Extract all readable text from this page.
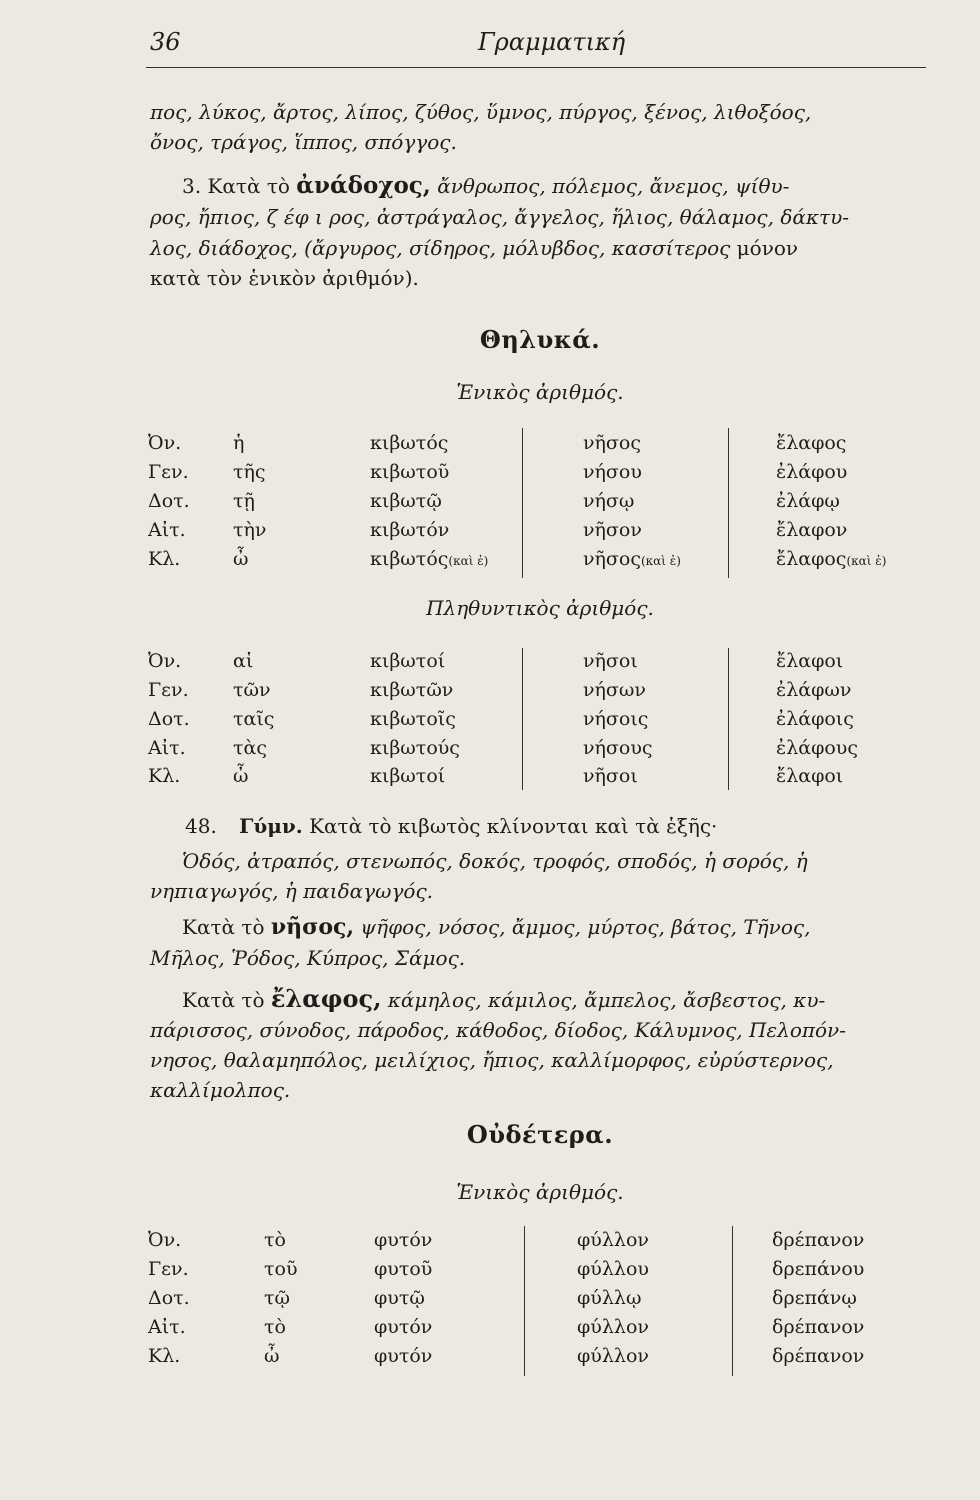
36	Γραμματική
πος, λύκος, ἄρτος, λίπος, ζύθος, ὕμνος, πύργος, ξένος, λιθοξόος,
ὄνος, τράγος, ἵππος, σπόγγος.
3. Κατὰ τὸ ἀνάδοχος, ἄνθρωπος, πόλεμος, ἄνεμος, ψίθυ-
ρος, ἤπιος, ζ έφ ι ρος, ἀστράγαλος, ἄγγελος, ἥλιος, θάλαμος, δάκτυ-
λος, διάδοχος, (ἄργυρος, σίδηρος, μόλυβδος, κασσίτερος μόνον
κατὰ τὸν ἑνικὸν ἀριθμόν).
Θηλυκά.
Ἑνικὸς ἀριθμός.
Ὀν.	ἡ	κιβωτός	νῆσος	ἔλαφος
Γεν. τῆς	κιβωτοῦ	νήσου	ἐλάφου
Δοτ. τῇ	κιβωτῷ	νήσῳ	ἐλάφῳ
Αἰτ. τὴν	κιβωτόν	νῆσον	ἔλαφον
Κλ.	ὦ	κιβωτός(καὶ ἐ)	νῆσος(καὶ ἐ)	ἔλαφος(καὶ ἐ)
Πληθυντικὸς ἀριθμός.
Ὀν.	αἱ	κιβωτοί	νῆσοι	ἔλαφοι
Γεν. τῶν	κιβωτῶν	νήσων	ἐλάφων
Δοτ. ταῖς	κιβωτοῖς	νήσοις	ἐλάφοις
Αἰτ. τὰς	κιβωτούς	νήσους	ἐλάφους
Κλ.	ὦ	κιβωτοί	νῆσοι	ἔλαφοι
48. Γύμν. Κατὰ τὸ κιβωτὸς κλίνονται καὶ τὰ ἑξῆς·
Ὁδός, ἀτραπός, στενωπός, δοκός, τροφός, σποδός, ἡ σορός, ἡ
νηπιαγωγός, ἡ παιδαγωγός.
Κατὰ τὸ νῆσος, ψῆφος, νόσος, ἄμμος, μύρτος, βάτος, Τῆνος,
Μῆλος, Ῥόδος, Κύπρος, Σάμος.
Κατὰ τὸ ἔλαφος, κάμηλος, κάμιλος, ἄμπελος, ἄσβεστος, κυ-
πάρισσος, σύνοδος, πάροδος, κάθοδος, δίοδος, Κάλυμνος, Πελοπόν-
νησος, θαλαμηπόλος, μειλίχιος, ἤπιος, καλλίμορφος, εὐρύστερνος,
καλλίμολπος.
Οὐδέτερα.
Ἑνικὸς ἀριθμός.
Ὀν.	τὸ	φυτόν	φύλλον	δρέπανον
Γεν.	τοῦ	φυτοῦ	φύλλου	δρεπάνου
Δοτ.	τῷ	φυτῷ	φύλλῳ	δρεπάνῳ
Αἰτ.	τὸ	φυτόν	φύλλον	δρέπανον
Κλ.	ὦ	φυτόν	φύλλον	δρέπανον
